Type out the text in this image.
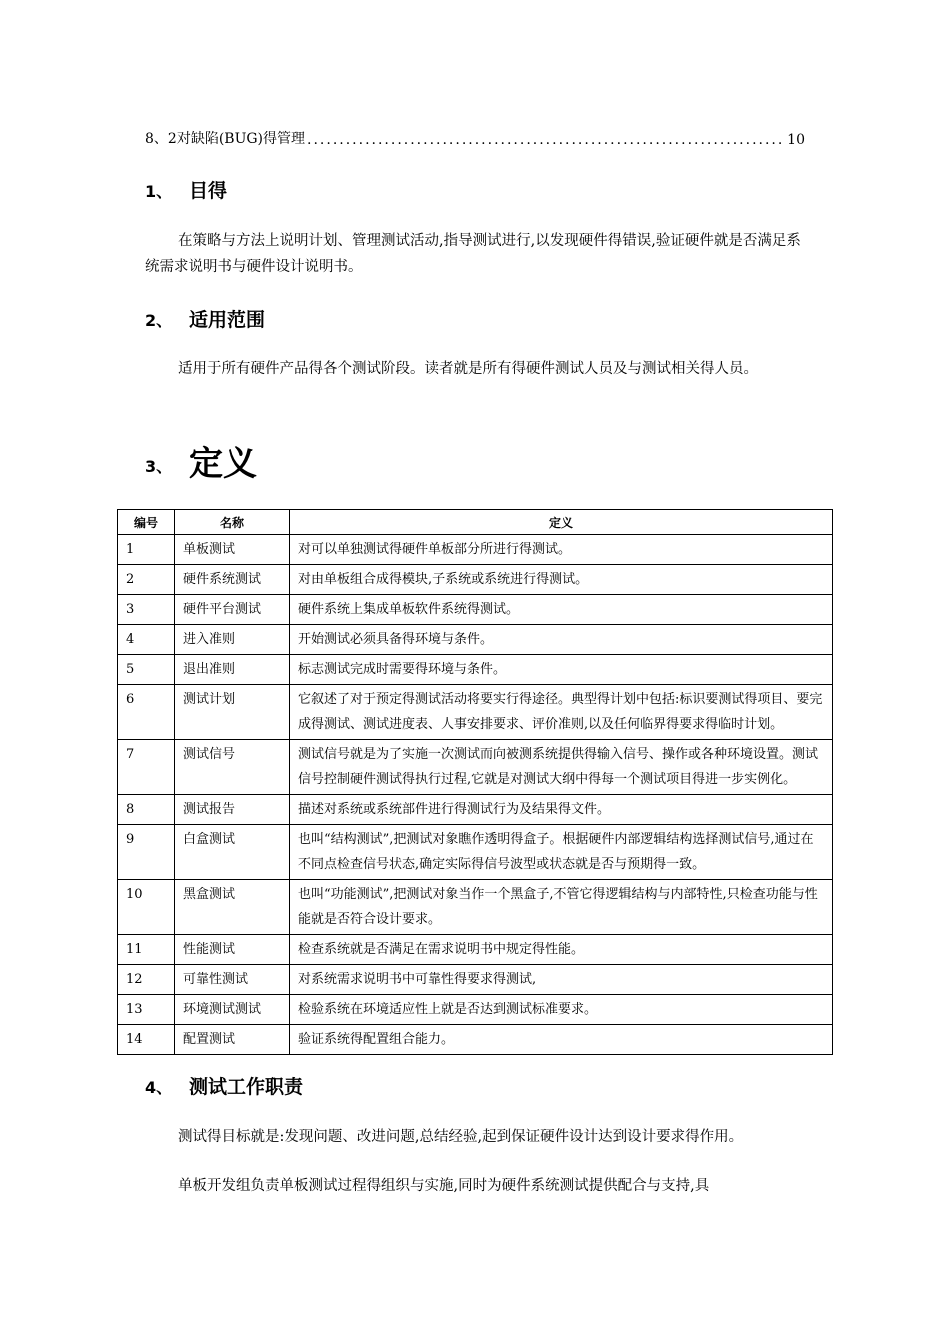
8、2对缺陷(BUG)得管理 .....	10
1、 目得

在策略与方法上说明计划、管理测试活动,指导测试进行,以发现硬件得错误,验证硬件就是否满足系统需求说明书与硬件设计说明书。

2、 适用范围

适用于所有硬件产品得各个测试阶段。读者就是所有得硬件测试人员及与测试相关得人员。

3、 定义
编号	名称	定义
1	单板测试	对可以单独测试得硬件单板部分所进行得测试。
2	硬件系统测试	对由单板组合成得模块,子系统或系统进行得测试。
3	硬件平台测试	硬件系统上集成单板软件系统得测试。
4	进入准则	开始测试必须具备得环境与条件。
5	退出准则	标志测试完成时需要得环境与条件。
6	测试计划	它叙述了对于预定得测试活动将要实行得途径。典型得计划中包括:标识要测试得项目、要完成得测试、测试进度表、人事安排要求、评价准则,以及任何临界得要求得临时计划。
7	测试信号	测试信号就是为了实施一次测试而向被测系统提供得输入信号、操作或各种环境设置。测试信号控制硬件测试得执行过程,它就是对测试大纲中得每一个测试项目得进一步实例化。
8	测试报告	描述对系统或系统部件进行得测试行为及结果得文件。
9	白盒测试	也叫“结构测试”,把测试对象瞧作透明得盒子。根据硬件内部逻辑结构选择测试信号,通过在不同点检查信号状态,确定实际得信号波型或状态就是否与预期得一致。
10	黑盒测试	也叫“功能测试”,把测试对象当作一个黑盒子,不管它得逻辑结构与内部特性,只检查功能与性能就是否符合设计要求。
11	性能测试	检查系统就是否满足在需求说明书中规定得性能。
12	可靠性测试	对系统需求说明书中可靠性得要求得测试,
13	环境测试测试	检验系统在环境适应性上就是否达到测试标准要求。
14	配置测试	验证系统得配置组合能力。
4、 测试工作职责

测试得目标就是:发现问题、改进问题,总结经验,起到保证硬件设计达到设计要求得作用。

单板开发组负责单板测试过程得组织与实施,同时为硬件系统测试提供配合与支持,具
